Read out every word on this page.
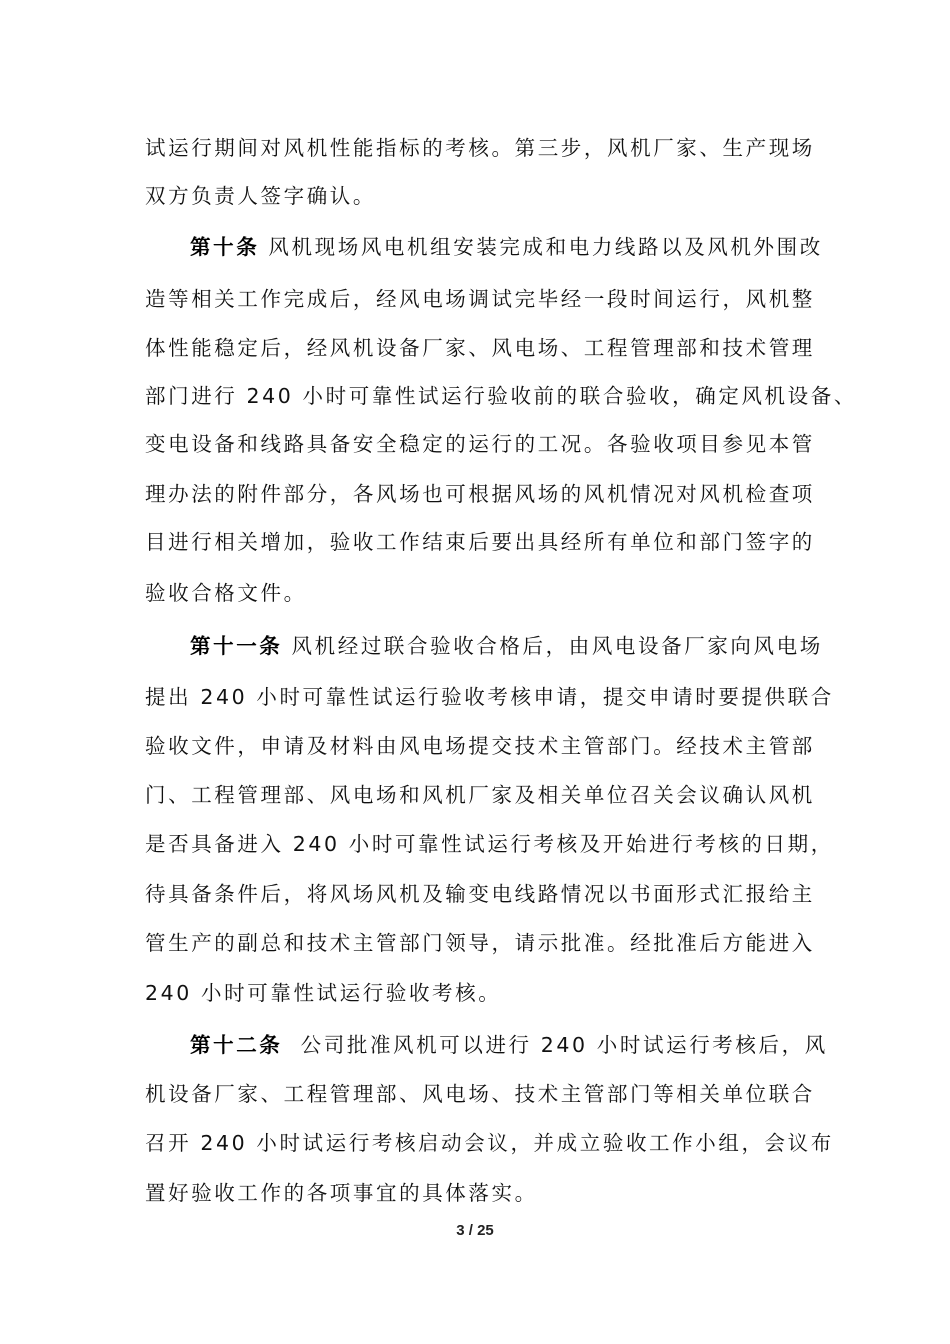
试运行期间对风机性能指标的考核。第三步，风机厂家、生产现场
双方负责人签字确认。
第十条 风机现场风电机组安装完成和电力线路以及风机外围改
造等相关工作完成后，经风电场调试完毕经一段时间运行，风机整
体性能稳定后，经风机设备厂家、风电场、工程管理部和技术管理
部门进行 240 小时可靠性试运行验收前的联合验收，确定风机设备、
变电设备和线路具备安全稳定的运行的工况。各验收项目参见本管
理办法的附件部分，各风场也可根据风场的风机情况对风机检查项
目进行相关增加，验收工作结束后要出具经所有单位和部门签字的
验收合格文件。
第十一条 风机经过联合验收合格后，由风电设备厂家向风电场
提出 240 小时可靠性试运行验收考核申请，提交申请时要提供联合
验收文件，申请及材料由风电场提交技术主管部门。经技术主管部
门、工程管理部、风电场和风机厂家及相关单位召关会议确认风机
是否具备进入 240 小时可靠性试运行考核及开始进行考核的日期，
待具备条件后，将风场风机及输变电线路情况以书面形式汇报给主
管生产的副总和技术主管部门领导，请示批准。经批准后方能进入
240 小时可靠性试运行验收考核。
第十二条  公司批准风机可以进行 240 小时试运行考核后，风
机设备厂家、工程管理部、风电场、技术主管部门等相关单位联合
召开 240 小时试运行考核启动会议，并成立验收工作小组，会议布
置好验收工作的各项事宜的具体落实。
3 / 25
